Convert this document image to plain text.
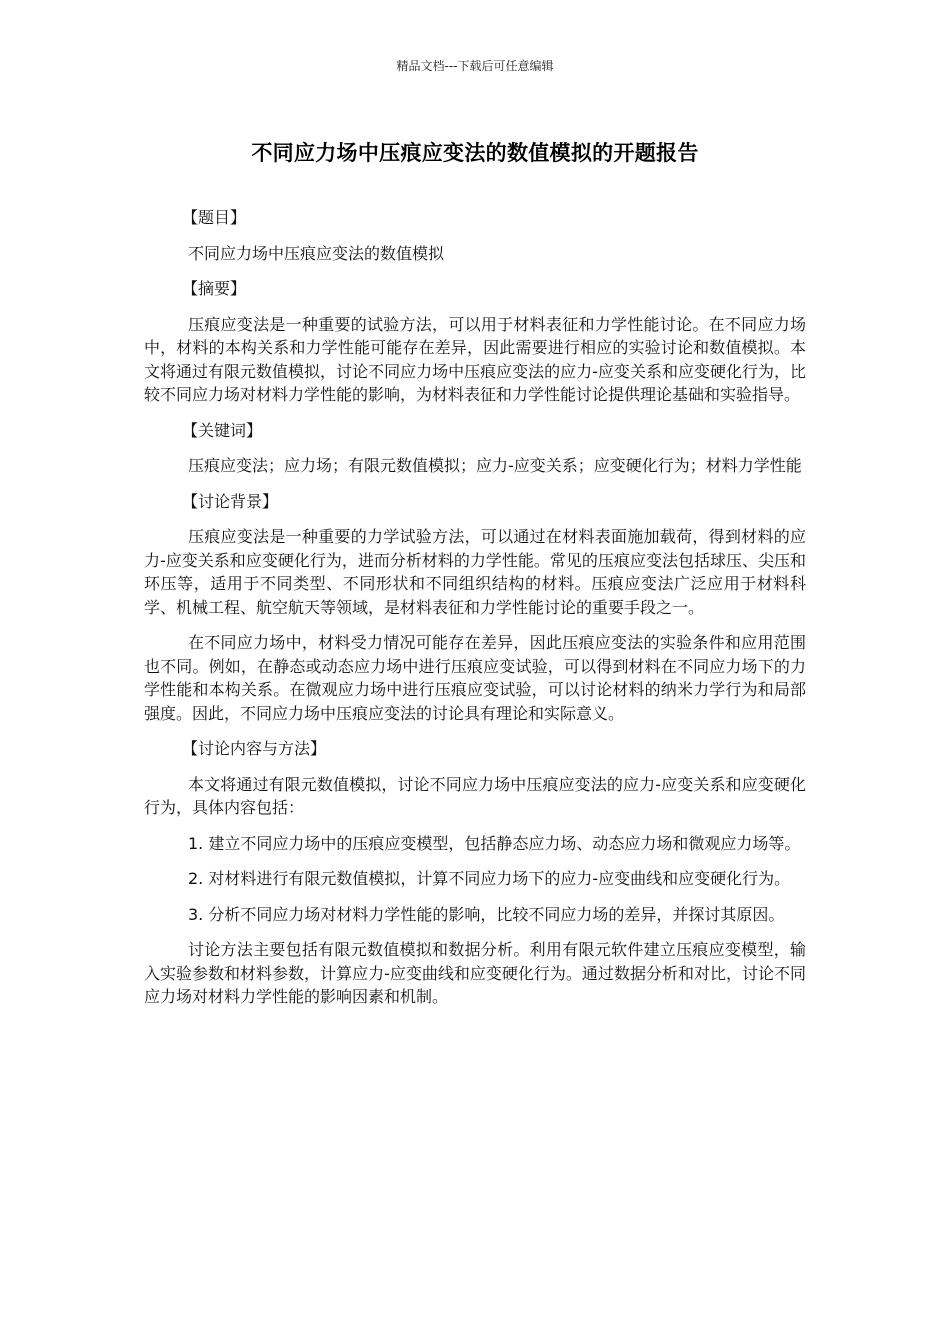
精品文档---下载后可任意编辑
不同应力场中压痕应变法的数值模拟的开题报告
【题目】
不同应力场中压痕应变法的数值模拟
【摘要】

压痕应变法是一种重要的试验方法，可以用于材料表征和力学性能讨论。在不同应力场中，材料的本构关系和力学性能可能存在差异，因此需要进行相应的实验讨论和数值模拟。本文将通过有限元数值模拟，讨论不同应力场中压痕应变法的应力-应变关系和应变硬化行为，比较不同应力场对材料力学性能的影响，为材料表征和力学性能讨论提供理论基础和实验指导。

【关键词】

压痕应变法；应力场；有限元数值模拟；应力-应变关系；应变硬化行为；材料力学性能

【讨论背景】

压痕应变法是一种重要的力学试验方法，可以通过在材料表面施加载荷，得到材料的应力-应变关系和应变硬化行为，进而分析材料的力学性能。常见的压痕应变法包括球压、尖压和环压等，适用于不同类型、不同形状和不同组织结构的材料。压痕应变法广泛应用于材料科学、机械工程、航空航天等领域，是材料表征和力学性能讨论的重要手段之一。

在不同应力场中，材料受力情况可能存在差异，因此压痕应变法的实验条件和应用范围也不同。例如，在静态或动态应力场中进行压痕应变试验，可以得到材料在不同应力场下的力学性能和本构关系。在微观应力场中进行压痕应变试验，可以讨论材料的纳米力学行为和局部强度。因此，不同应力场中压痕应变法的讨论具有理论和实际意义。

【讨论内容与方法】

本文将通过有限元数值模拟，讨论不同应力场中压痕应变法的应力-应变关系和应变硬化行为，具体内容包括：

1. 建立不同应力场中的压痕应变模型，包括静态应力场、动态应力场和微观应力场等。

2. 对材料进行有限元数值模拟，计算不同应力场下的应力-应变曲线和应变硬化行为。

3. 分析不同应力场对材料力学性能的影响，比较不同应力场的差异，并探讨其原因。

讨论方法主要包括有限元数值模拟和数据分析。利用有限元软件建立压痕应变模型，输入实验参数和材料参数，计算应力-应变曲线和应变硬化行为。通过数据分析和对比，讨论不同应力场对材料力学性能的影响因素和机制。
